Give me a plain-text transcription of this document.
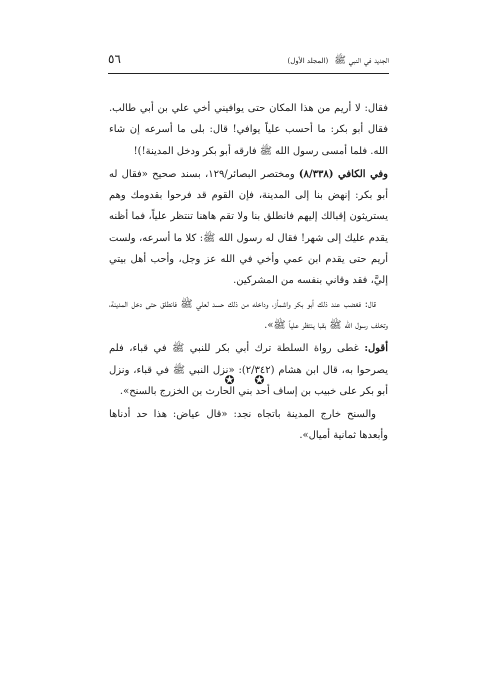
الجديد في النبي ﷺ (المجلد الأول)
٥٦

فقال: لا أريم من هذا المكان حتى يوافيني أخي علي بن أبي طالب. فقال أبو بكر: ما أحسب علياً يوافي! قال: بلى ما أسرعه إن شاء الله. فلما أمسى رسول الله ﷺ فارقه أبو بكر ودخل المدينة!)!

وفي الكافي (٨/٣٣٨) ومختصر البصائر/١٢٩، بسند صحيح «فقال له أبو بكر: إنهض بنا إلى المدينة، فإن القوم قد فرحوا بقدومك وهم يستريثون إقبالك إليهم فانطلق بنا ولا تقم هاهنا تنتظر علياً، فما أظنه يقدم عليك إلى شهر! فقال له رسول الله ﷺ: كلا ما أسرعه، ولست أريم حتى يقدم ابن عمي وأخي في الله عز وجل، وأحب أهل بيتي إليَّ، فقد وقاني بنفسه من المشركين.

قال: فغضب عند ذلك أبو بكر واشمأز، وداخله من ذلك حسد لعلي ﷺ فانطلق حتى دخل المدينة، وتخلف رسول الله ﷺ بقبا ينتظر علياً ﷺ».

أقول: غطى رواة السلطة ترك أبي بكر للنبي ﷺ في قباء، فلم يصرحوا به، قال ابن هشام (٢/٣٤٢): «نزل النبي ﷺ في قباء، ونزل أبو بكر على خبيب بن إساف أحد بني الحارث بن الخزرج بالسنح».

والسنح خارج المدينة باتجاه نجد: «قال عياض: هذا حد أدناها وأبعدها ثمانية أميال».

✪ ✪
